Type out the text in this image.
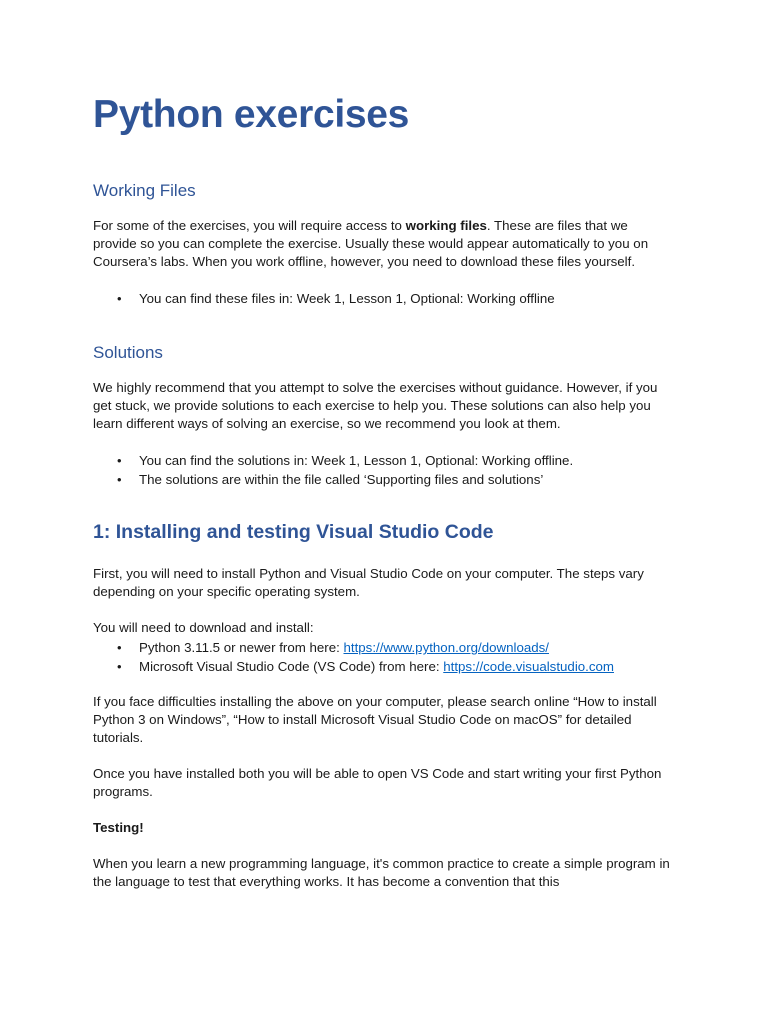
Python exercises
Working Files

For some of the exercises, you will require access to working files. These are files that we provide so you can complete the exercise. Usually these would appear automatically to you on Coursera’s labs. When you work offline, however, you need to download these files yourself.

• You can find these files in: Week 1, Lesson 1, Optional: Working offline
Solutions

We highly recommend that you attempt to solve the exercises without guidance. However, if you get stuck, we provide solutions to each exercise to help you. These solutions can also help you learn different ways of solving an exercise, so we recommend you look at them.

• You can find the solutions in: Week 1, Lesson 1, Optional: Working offline.
• The solutions are within the file called ‘Supporting files and solutions’
1: Installing and testing Visual Studio Code

First, you will need to install Python and Visual Studio Code on your computer. The steps vary depending on your specific operating system.

You will need to download and install:

• Python 3.11.5 or newer from here: https://www.python.org/downloads/
• Microsoft Visual Studio Code (VS Code) from here: https://code.visualstudio.com

If you face difficulties installing the above on your computer, please search online “How to install Python 3 on Windows”, “How to install Microsoft Visual Studio Code on macOS” for detailed tutorials.

Once you have installed both you will be able to open VS Code and start writing your first Python programs.

Testing!

When you learn a new programming language, it's common practice to create a simple program in the language to test that everything works. It has become a convention that this
